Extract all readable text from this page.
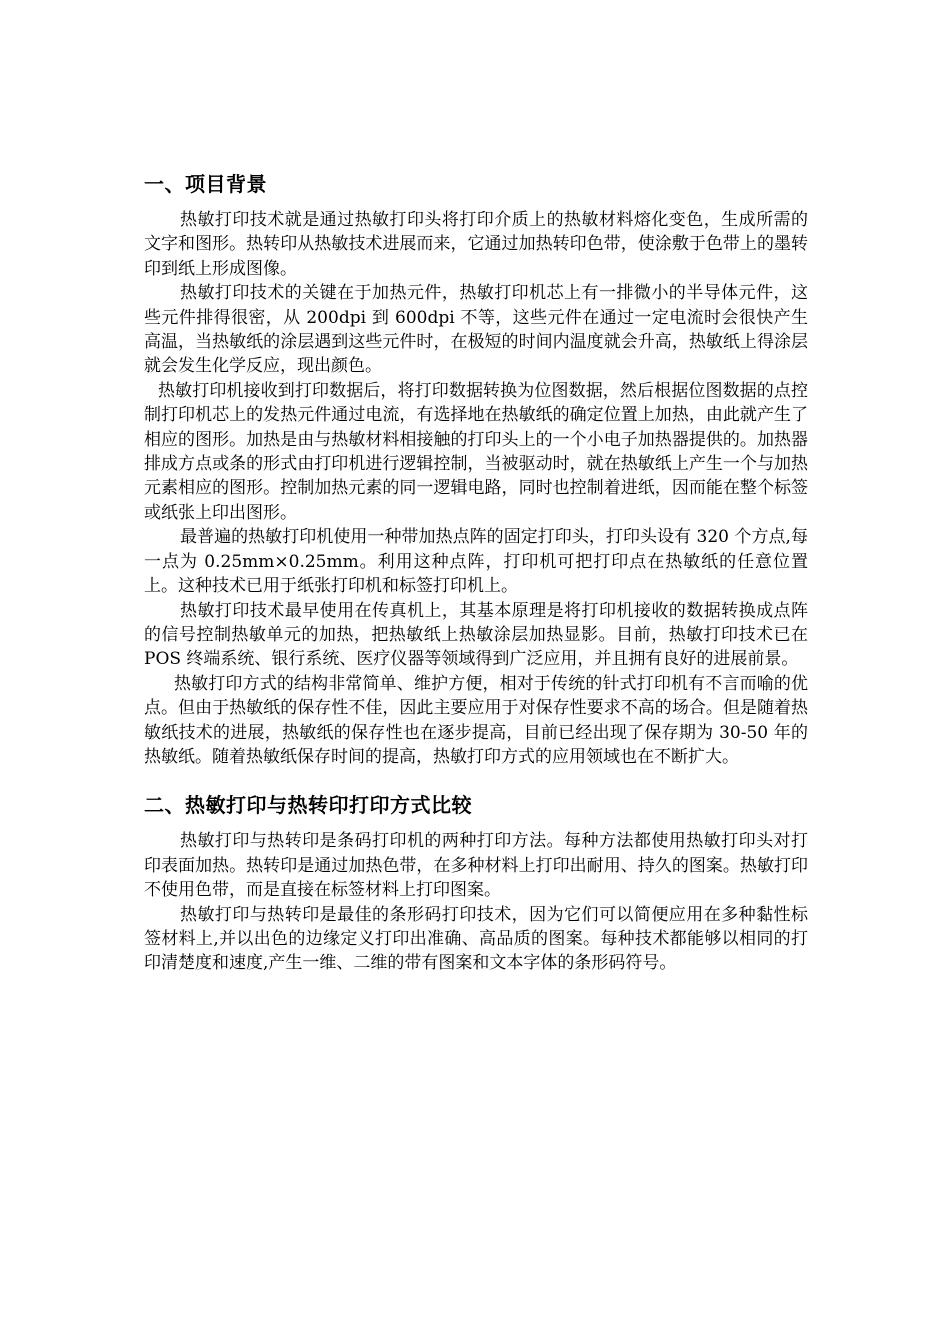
一、项目背景

热敏打印技术就是通过热敏打印头将打印介质上的热敏材料熔化变色，生成所需的文字和图形。热转印从热敏技术进展而来，它通过加热转印色带，使涂敷于色带上的墨转印到纸上形成图像。

热敏打印技术的关键在于加热元件，热敏打印机芯上有一排微小的半导体元件，这些元件排得很密，从 200dpi 到 600dpi 不等，这些元件在通过一定电流时会很快产生高温，当热敏纸的涂层遇到这些元件时，在极短的时间内温度就会升高，热敏纸上得涂层就会发生化学反应，现出颜色。

热敏打印机接收到打印数据后，将打印数据转换为位图数据，然后根据位图数据的点控制打印机芯上的发热元件通过电流，有选择地在热敏纸的确定位置上加热，由此就产生了相应的图形。加热是由与热敏材料相接触的打印头上的一个小电子加热器提供的。加热器排成方点或条的形式由打印机进行逻辑控制，当被驱动时，就在热敏纸上产生一个与加热元素相应的图形。控制加热元素的同一逻辑电路，同时也控制着进纸，因而能在整个标签或纸张上印出图形。

最普遍的热敏打印机使用一种带加热点阵的固定打印头，打印头设有 320 个方点,每一点为 0.25mm×0.25mm。利用这种点阵，打印机可把打印点在热敏纸的任意位置上。这种技术已用于纸张打印机和标签打印机上。

热敏打印技术最早使用在传真机上，其基本原理是将打印机接收的数据转换成点阵的信号控制热敏单元的加热，把热敏纸上热敏涂层加热显影。目前，热敏打印技术已在 POS 终端系统、银行系统、医疗仪器等领域得到广泛应用，并且拥有良好的进展前景。

热敏打印方式的结构非常简单、维护方便，相对于传统的针式打印机有不言而喻的优点。但由于热敏纸的保存性不佳，因此主要应用于对保存性要求不高的场合。但是随着热敏纸技术的进展，热敏纸的保存性也在逐步提高，目前已经出现了保存期为 30-50 年的热敏纸。随着热敏纸保存时间的提高，热敏打印方式的应用领域也在不断扩大。

二、热敏打印与热转印打印方式比较

热敏打印与热转印是条码打印机的两种打印方法。每种方法都使用热敏打印头对打印表面加热。热转印是通过加热色带，在多种材料上打印出耐用、持久的图案。热敏打印不使用色带，而是直接在标签材料上打印图案。

热敏打印与热转印是最佳的条形码打印技术，因为它们可以简便应用在多种黏性标签材料上,并以出色的边缘定义打印出准确、高品质的图案。每种技术都能够以相同的打印清楚度和速度,产生一维、二维的带有图案和文本字体的条形码符号。
